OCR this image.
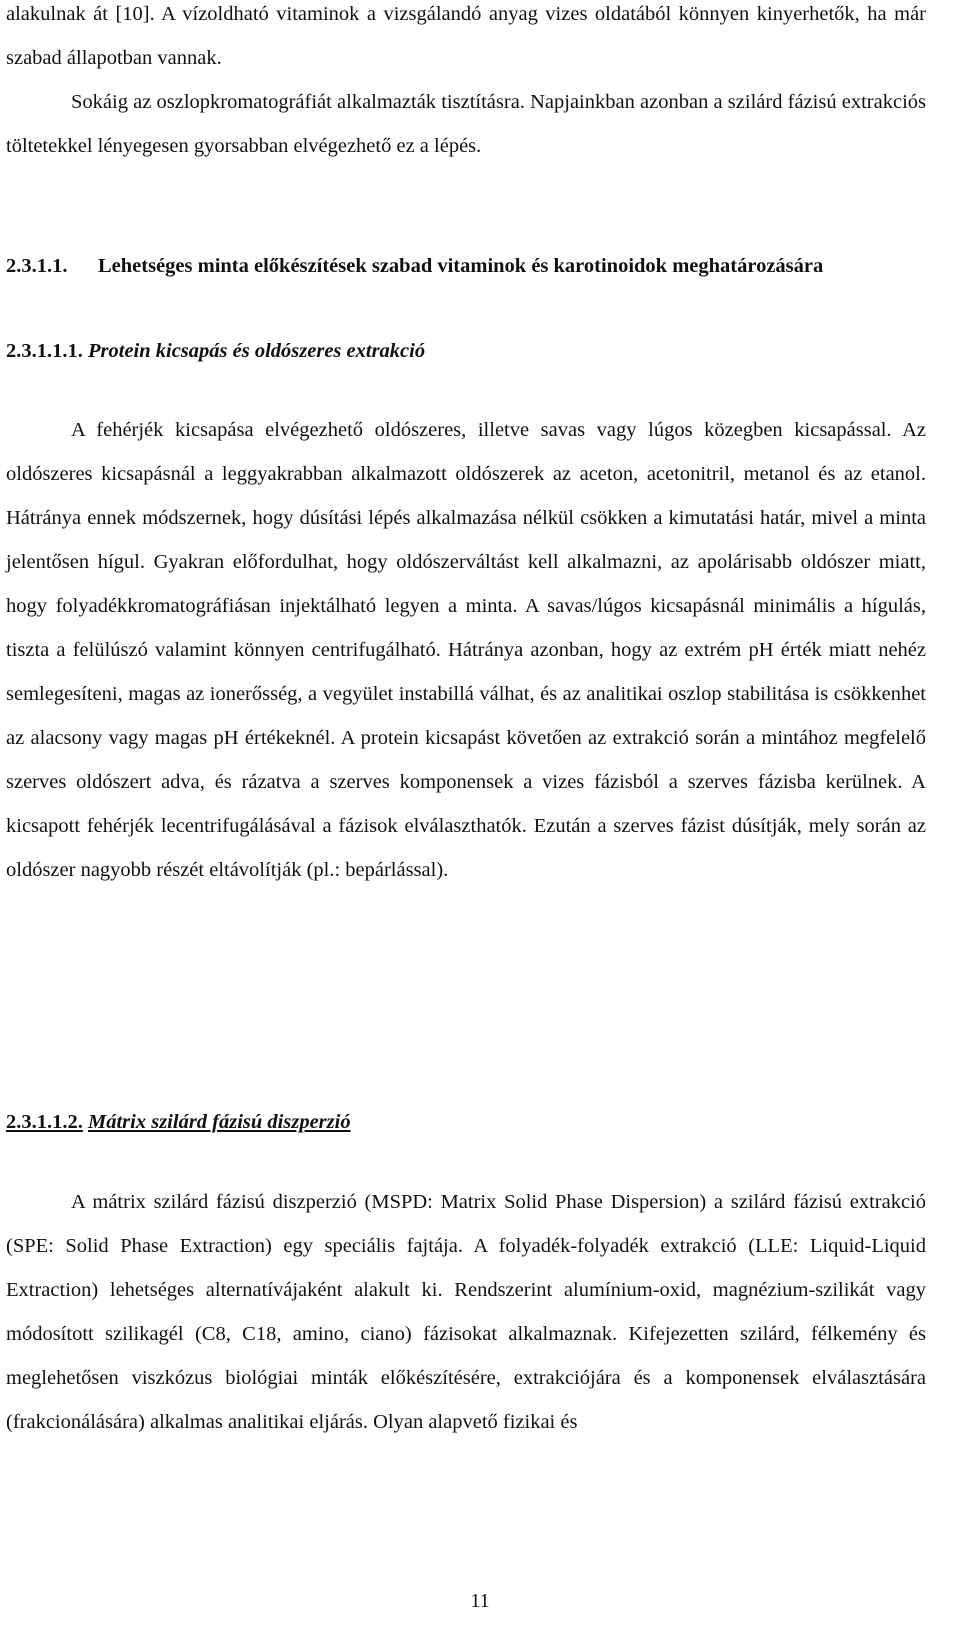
alakulnak át [10]. A vízoldható vitaminok a vizsgálandó anyag vizes oldatából könnyen kinyerhetők, ha már szabad állapotban vannak.

Sokáig az oszlopkromatográfiát alkalmazták tisztításra. Napjainkban azonban a szilárd fázisú extrakciós töltetekkel lényegesen gyorsabban elvégezhető ez a lépés.

2.3.1.1.	Lehetséges minta előkészítések szabad vitaminok és karotinoidok meghatározására
2.3.1.1.1. Protein kicsapás és oldószeres extrakció

A fehérjék kicsapása elvégezhető oldószeres, illetve savas vagy lúgos közegben kicsapással. Az oldószeres kicsapásnál a leggyakrabban alkalmazott oldószerek az aceton, acetonitril, metanol és az etanol. Hátránya ennek módszernek, hogy dúsítási lépés alkalmazása nélkül csökken a kimutatási határ, mivel a minta jelentősen hígul. Gyakran előfordulhat, hogy oldószerváltást kell alkalmazni, az apolárisabb oldószer miatt, hogy folyadékkromatográfiásan injektálható legyen a minta. A savas/lúgos kicsapásnál minimális a hígulás, tiszta a felülúszó valamint könnyen centrifugálható. Hátránya azonban, hogy az extrém pH érték miatt nehéz semlegesíteni, magas az ionerősség, a vegyület instabillá válhat, és az analitikai oszlop stabilitása is csökkenhet az alacsony vagy magas pH értékeknél. A protein kicsapást követően az extrakció során a mintához megfelelő szerves oldószert adva, és rázatva a szerves komponensek a vizes fázisból a szerves fázisba kerülnek. A kicsapott fehérjék lecentrifugálásával a fázisok elválaszthatók. Ezután a szerves fázist dúsítják, mely során az oldószer nagyobb részét eltávolítják (pl.: bepárlással).

2.3.1.1.2. Mátrix szilárd fázisú diszperzió

A mátrix szilárd fázisú diszperzió (MSPD: Matrix Solid Phase Dispersion) a szilárd fázisú extrakció (SPE: Solid Phase Extraction) egy speciális fajtája. A folyadék-folyadék extrakció (LLE: Liquid-Liquid Extraction) lehetséges alternatívájaként alakult ki. Rendszerint alumínium-oxid, magnézium-szilikát vagy módosított szilikagél (C8, C18, amino, ciano) fázisokat alkalmaznak. Kifejezetten szilárd, félkemény és meglehetősen viszkózus biológiai minták előkészítésére, extrakciójára és a komponensek elválasztására (frakcionálására) alkalmas analitikai eljárás. Olyan alapvető fizikai és

11
